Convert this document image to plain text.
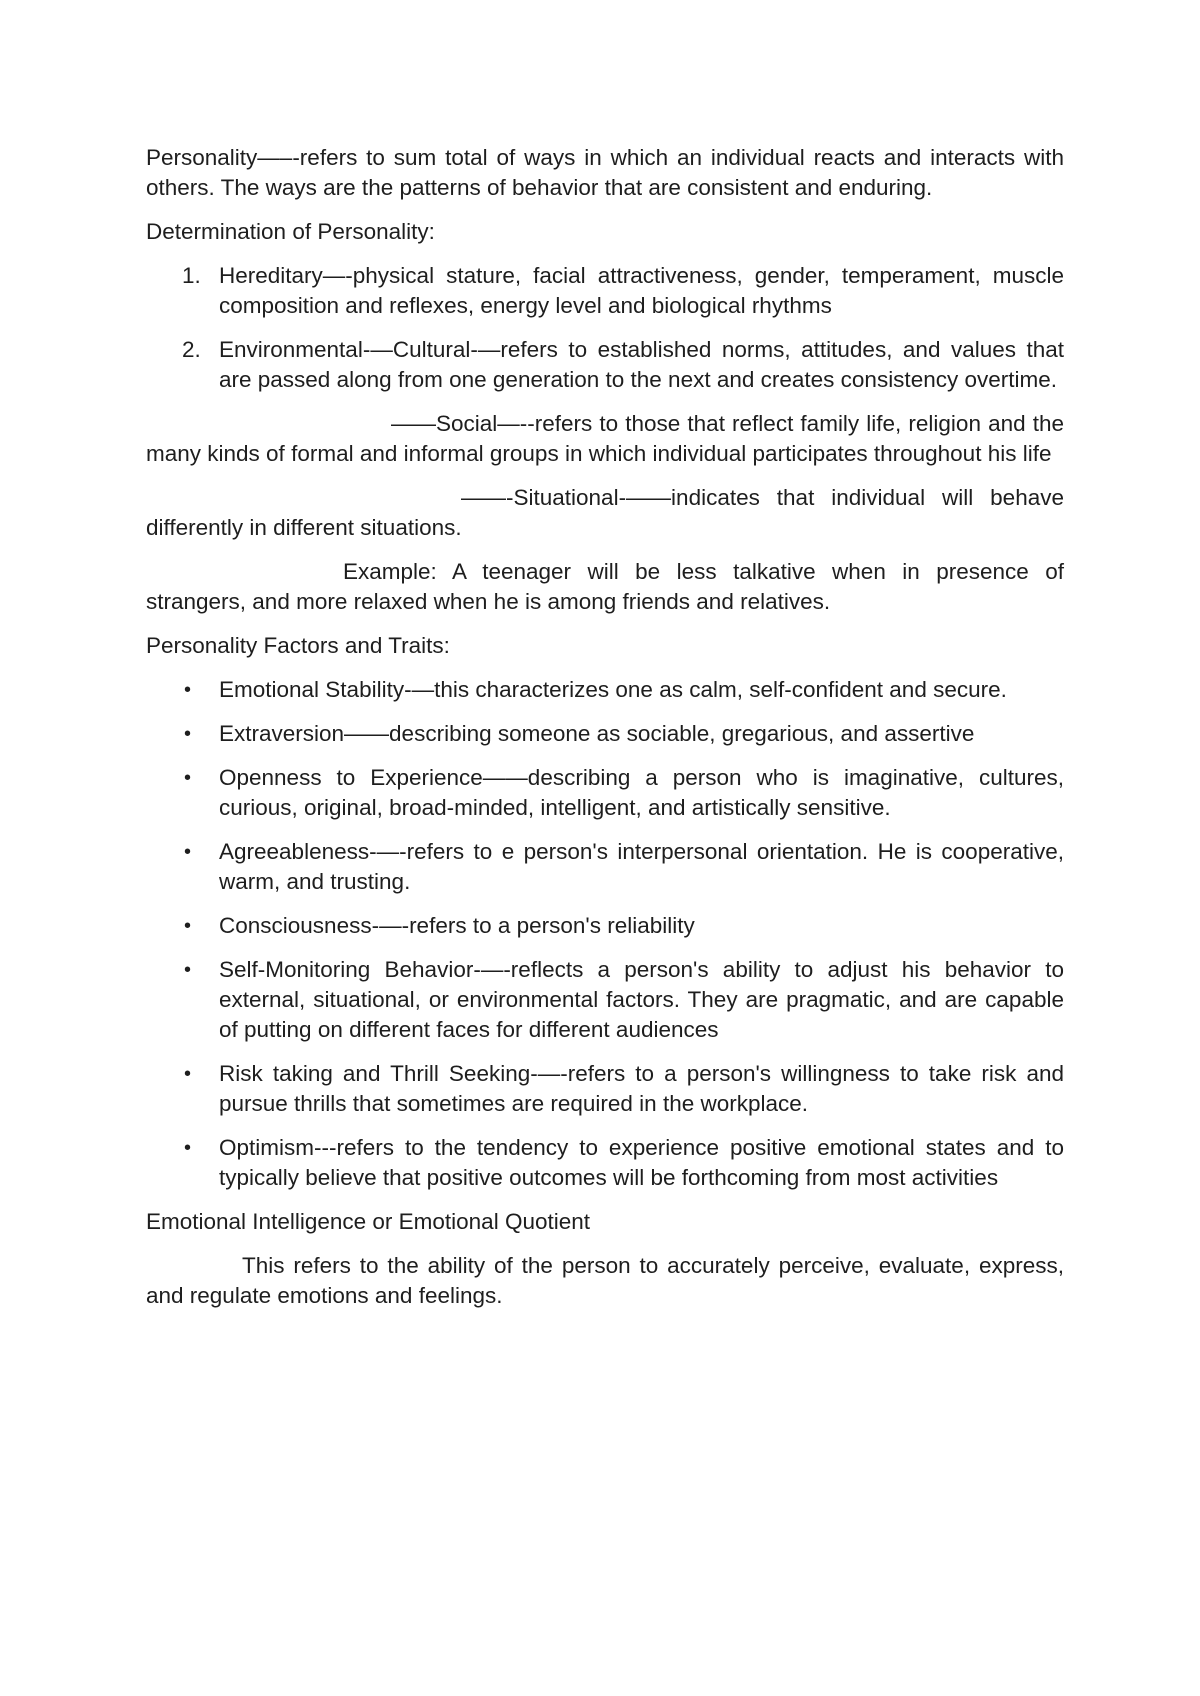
Personality—–-refers to sum total of ways in which an individual reacts and interacts with others. The ways are the patterns of behavior that are consistent and enduring.

Determination of Personality:

1. Hereditary—-physical stature, facial attractiveness, gender, temperament, muscle composition and reflexes, energy level and biological rhythms
2. Environmental-—Cultural-—refers to established norms, attitudes, and values that are passed along from one generation to the next and creates consistency overtime.

——Social—--refers to those that reflect family life, religion and the many kinds of formal and informal groups in which individual participates throughout his life

——-Situational-——indicates that individual will behave differently in different situations.

Example: A teenager will be less talkative when in presence of strangers, and more relaxed when he is among friends and relatives.

Personality Factors and Traits:

• Emotional Stability-—this characterizes one as calm, self-confident and secure.
• Extraversion——describing someone as sociable, gregarious, and assertive
• Openness to Experience——describing a person who is imaginative, cultures, curious, original, broad-minded, intelligent, and artistically sensitive.
• Agreeableness-—-refers to e person's interpersonal orientation. He is cooperative, warm, and trusting.
• Consciousness-—-refers to a person's reliability
• Self-Monitoring Behavior-—-reflects a person's ability to adjust his behavior to external, situational, or environmental factors. They are pragmatic, and are capable of putting on different faces for different audiences
• Risk taking and Thrill Seeking-—-refers to a person's willingness to take risk and pursue thrills that sometimes are required in the workplace.
• Optimism---refers to the tendency to experience positive emotional states and to typically believe that positive outcomes will be forthcoming from most activities

Emotional Intelligence or Emotional Quotient

This refers to the ability of the person to accurately perceive, evaluate, express, and regulate emotions and feelings.
